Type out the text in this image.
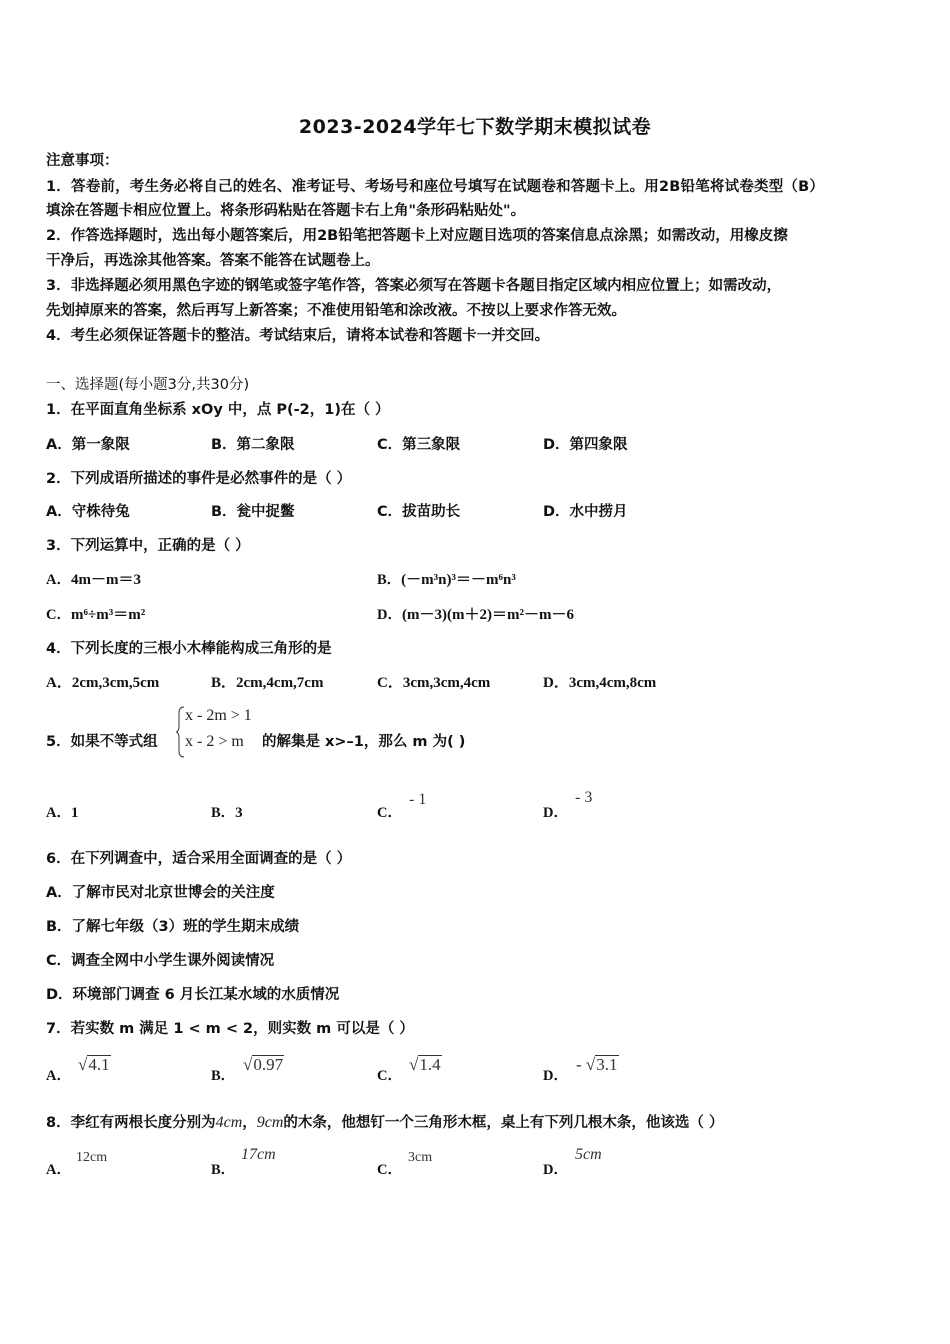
2023-2024学年七下数学期末模拟试卷
注意事项：
1．答卷前，考生务必将自己的姓名、准考证号、考场号和座位号填写在试题卷和答题卡上。用2B铅笔将试卷类型（B）
填涂在答题卡相应位置上。将条形码粘贴在答题卡右上角"条形码粘贴处"。
2．作答选择题时，选出每小题答案后，用2B铅笔把答题卡上对应题目选项的答案信息点涂黑；如需改动，用橡皮擦
干净后，再选涂其他答案。答案不能答在试题卷上。
3．非选择题必须用黑色字迹的钢笔或签字笔作答，答案必须写在答题卡各题目指定区域内相应位置上；如需改动，
先划掉原来的答案，然后再写上新答案；不准使用铅笔和涂改液。不按以上要求作答无效。
4．考生必须保证答题卡的整洁。考试结束后，请将本试卷和答题卡一并交回。
一、选择题(每小题3分,共30分)
1．在平面直角坐标系 xOy 中，点 P(-2，1)在（ ）
A．第一象限	B．第二象限	C．第三象限	D．第四象限
2．下列成语所描述的事件是必然事件的是（ ）
A．守株待兔	B．瓮中捉鳖	C．拔苗助长	D．水中捞月
3．下列运算中，正确的是（ ）
A．4m－m＝3	B．(－m³n)³＝－m⁶n³
C．m⁶÷m³＝m²	D．(m－3)(m＋2)＝m²－m－6
4．下列长度的三根小木棒能构成三角形的是
A．2cm,3cm,5cm	B．2cm,4cm,7cm	C．3cm,3cm,4cm	D．3cm,4cm,8cm
5．如果不等式组
x - 2m > 1
x - 2 > m 的解集是 x>–1，那么 m 为( )
A．1	B．3	C．
- 1
D．
- 3
6．在下列调查中，适合采用全面调查的是（ ）
A．了解市民对北京世博会的关注度
B．了解七年级（3）班的学生期末成绩
C．调查全网中小学生课外阅读情况
D．环境部门调查 6 月长江某水域的水质情况
7．若实数 m 满足 1 < m < 2，则实数 m 可以是（ ）
A．
√4.1
B．
√0.97
C．
√1.4
D．
- √3.1
8．李红有两根长度分别为4cm，9cm的木条，他想钉一个三角形木框，桌上有下列几根木条，他该选（ ）
A．
12cm
B．
17cm
C．
3cm
D．
5cm
